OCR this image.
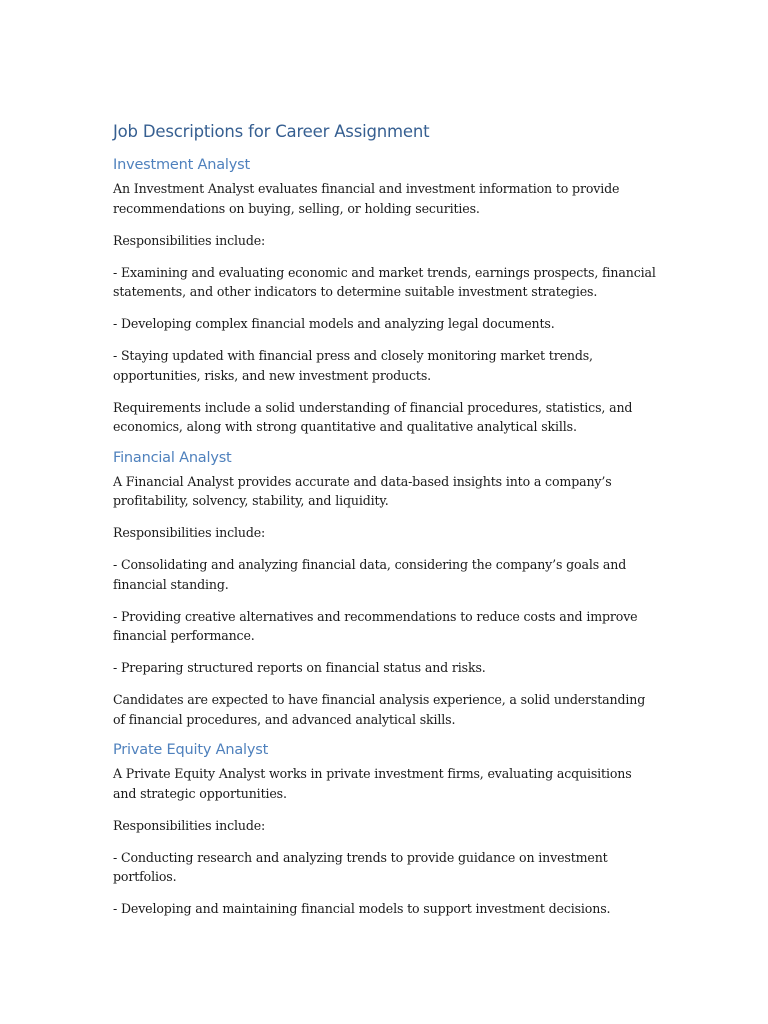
Job Descriptions for Career Assignment
Investment Analyst

An Investment Analyst evaluates financial and investment information to provide recommendations on buying, selling, or holding securities.

Responsibilities include:

- Examining and evaluating economic and market trends, earnings prospects, financial statements, and other indicators to determine suitable investment strategies.

- Developing complex financial models and analyzing legal documents.

- Staying updated with financial press and closely monitoring market trends, opportunities, risks, and new investment products.

Requirements include a solid understanding of financial procedures, statistics, and economics, along with strong quantitative and qualitative analytical skills.

Financial Analyst

A Financial Analyst provides accurate and data-based insights into a company’s profitability, solvency, stability, and liquidity.

Responsibilities include:

- Consolidating and analyzing financial data, considering the company’s goals and financial standing.

- Providing creative alternatives and recommendations to reduce costs and improve financial performance.

- Preparing structured reports on financial status and risks.

Candidates are expected to have financial analysis experience, a solid understanding of financial procedures, and advanced analytical skills.

Private Equity Analyst

A Private Equity Analyst works in private investment firms, evaluating acquisitions and strategic opportunities.

Responsibilities include:

- Conducting research and analyzing trends to provide guidance on investment portfolios.

- Developing and maintaining financial models to support investment decisions.
